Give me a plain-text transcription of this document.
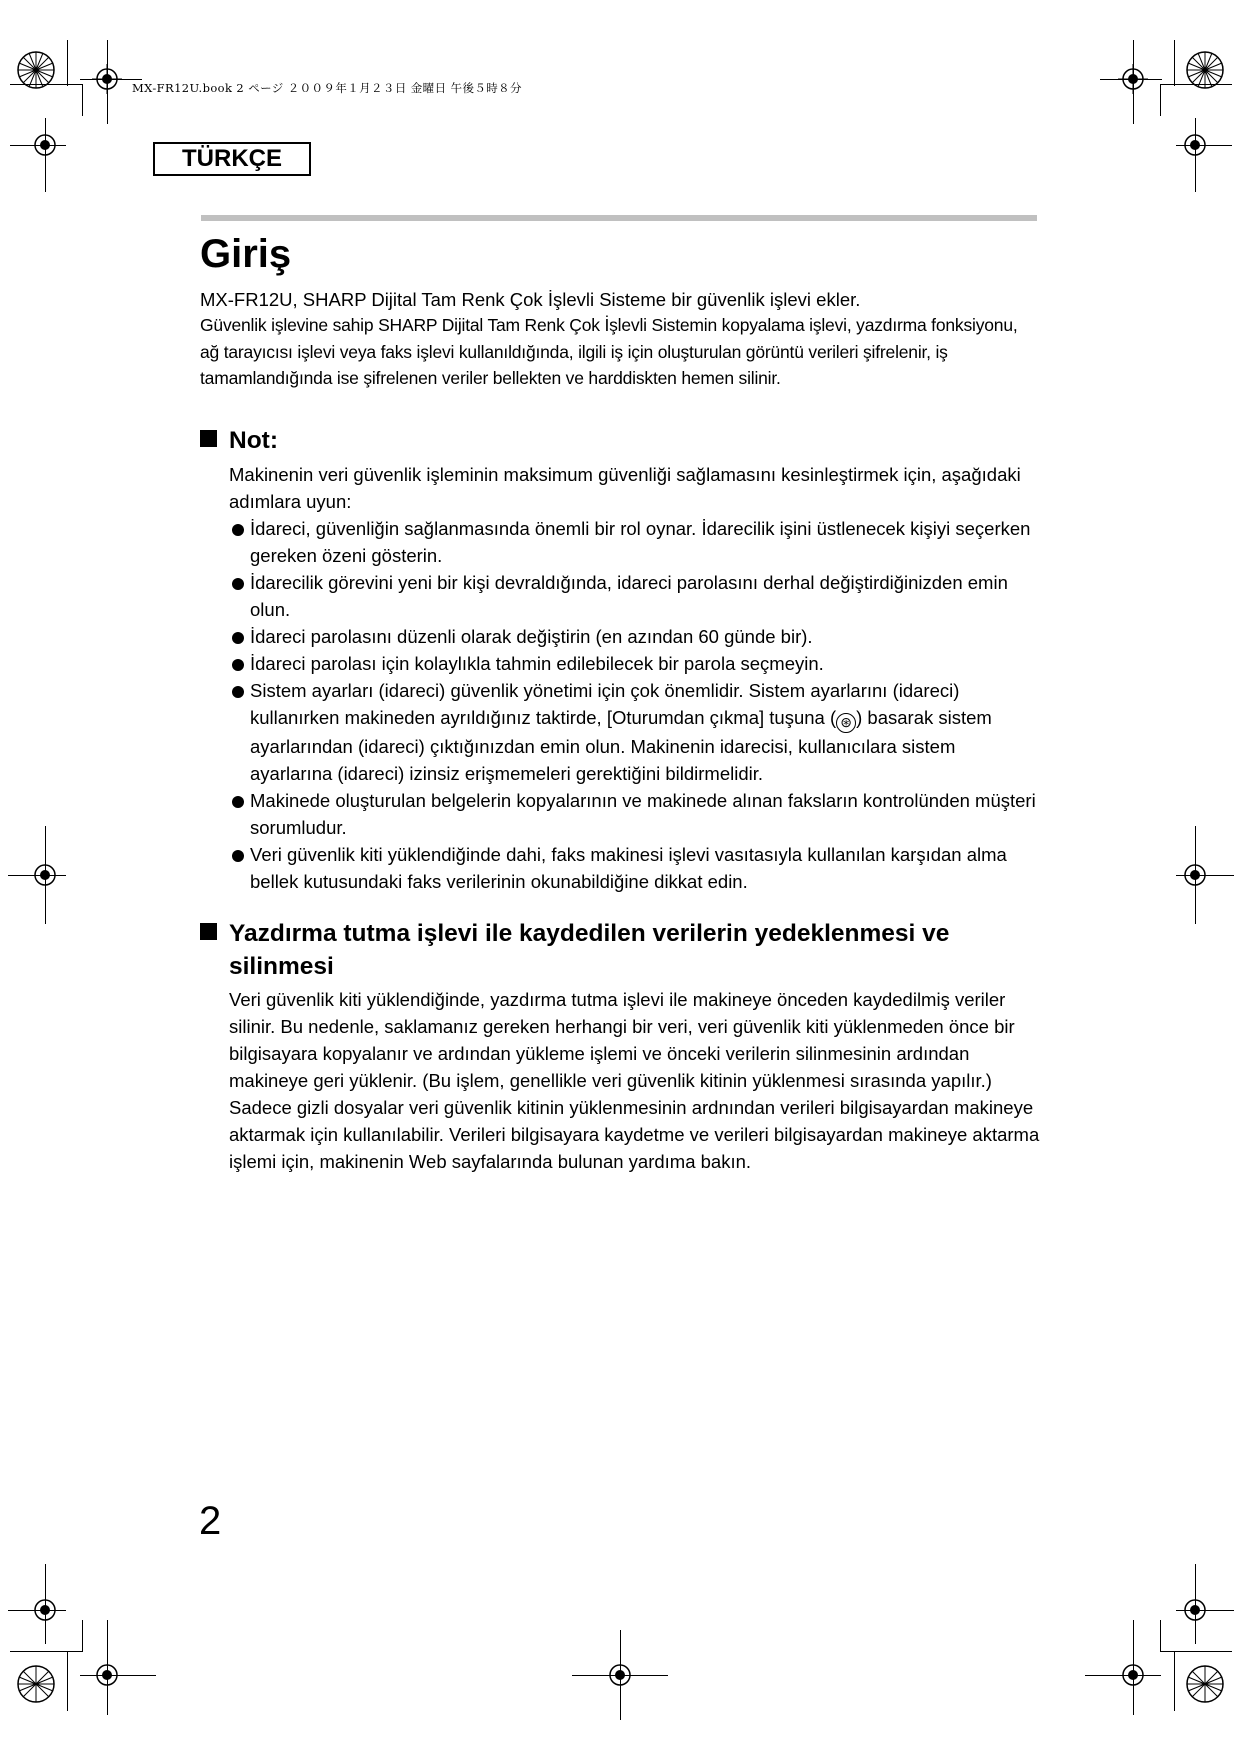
MX-FR12U.book 2 ページ ２００９年１月２３日 金曜日 午後５時８分
TÜRKÇE
Giriş
MX-FR12U, SHARP Dijital Tam Renk Çok İşlevli Sisteme bir güvenlik işlevi ekler.
Güvenlik işlevine sahip SHARP Dijital Tam Renk Çok İşlevli Sistemin kopyalama işlevi, yazdırma fonksiyonu, ağ tarayıcısı işlevi veya faks işlevi kullanıldığında, ilgili iş için oluşturulan görüntü verileri şifrelenir, iş tamamlandığında ise şifrelenen veriler bellekten ve harddiskten hemen silinir.
Not:
Makinenin veri güvenlik işleminin maksimum güvenliği sağlamasını kesinleştirmek için, aşağıdaki adımlara uyun:
İdareci, güvenliğin sağlanmasında önemli bir rol oynar. İdarecilik işini üstlenecek kişiyi seçerken gereken özeni gösterin.
İdarecilik görevini yeni bir kişi devraldığında, idareci parolasını derhal değiştirdiğinizden emin olun.
İdareci parolasını düzenli olarak değiştirin (en azından 60 günde bir).
İdareci parolası için kolaylıkla tahmin edilebilecek bir parola seçmeyin.
Sistem ayarları (idareci) güvenlik yönetimi için çok önemlidir. Sistem ayarlarını (idareci) kullanırken makineden ayrıldığınız taktirde, [Oturumdan çıkma] tuşuna ( ⊛ ) basarak sistem ayarlarından (idareci) çıktığınızdan emin olun. Makinenin idarecisi, kullanıcılara sistem ayarlarına (idareci) izinsiz erişmemeleri gerektiğini bildirmelidir.
Makinede oluşturulan belgelerin kopyalarının ve makinede alınan faksların kontrolünden müşteri sorumludur.
Veri güvenlik kiti yüklendiğinde dahi, faks makinesi işlevi vasıtasıyla kullanılan karşıdan alma bellek kutusundaki faks verilerinin okunabildiğine dikkat edin.
Yazdırma tutma işlevi ile kaydedilen verilerin yedeklenmesi ve
silinmesi
Veri güvenlik kiti yüklendiğinde, yazdırma tutma işlevi ile makineye önceden kaydedilmiş veriler silinir. Bu nedenle, saklamanız gereken herhangi bir veri, veri güvenlik kiti yüklenmeden önce bir bilgisayara kopyalanır ve ardından yükleme işlemi ve önceki verilerin silinmesinin ardından makineye geri yüklenir. (Bu işlem, genellikle veri güvenlik kitinin yüklenmesi sırasında yapılır.)
Sadece gizli dosyalar veri güvenlik kitinin yüklenmesinin ardnından verileri bilgisayardan makineye aktarmak için kullanılabilir. Verileri bilgisayara kaydetme ve verileri bilgisayardan makineye aktarma işlemi için, makinenin Web sayfalarında bulunan yardıma bakın.
2
